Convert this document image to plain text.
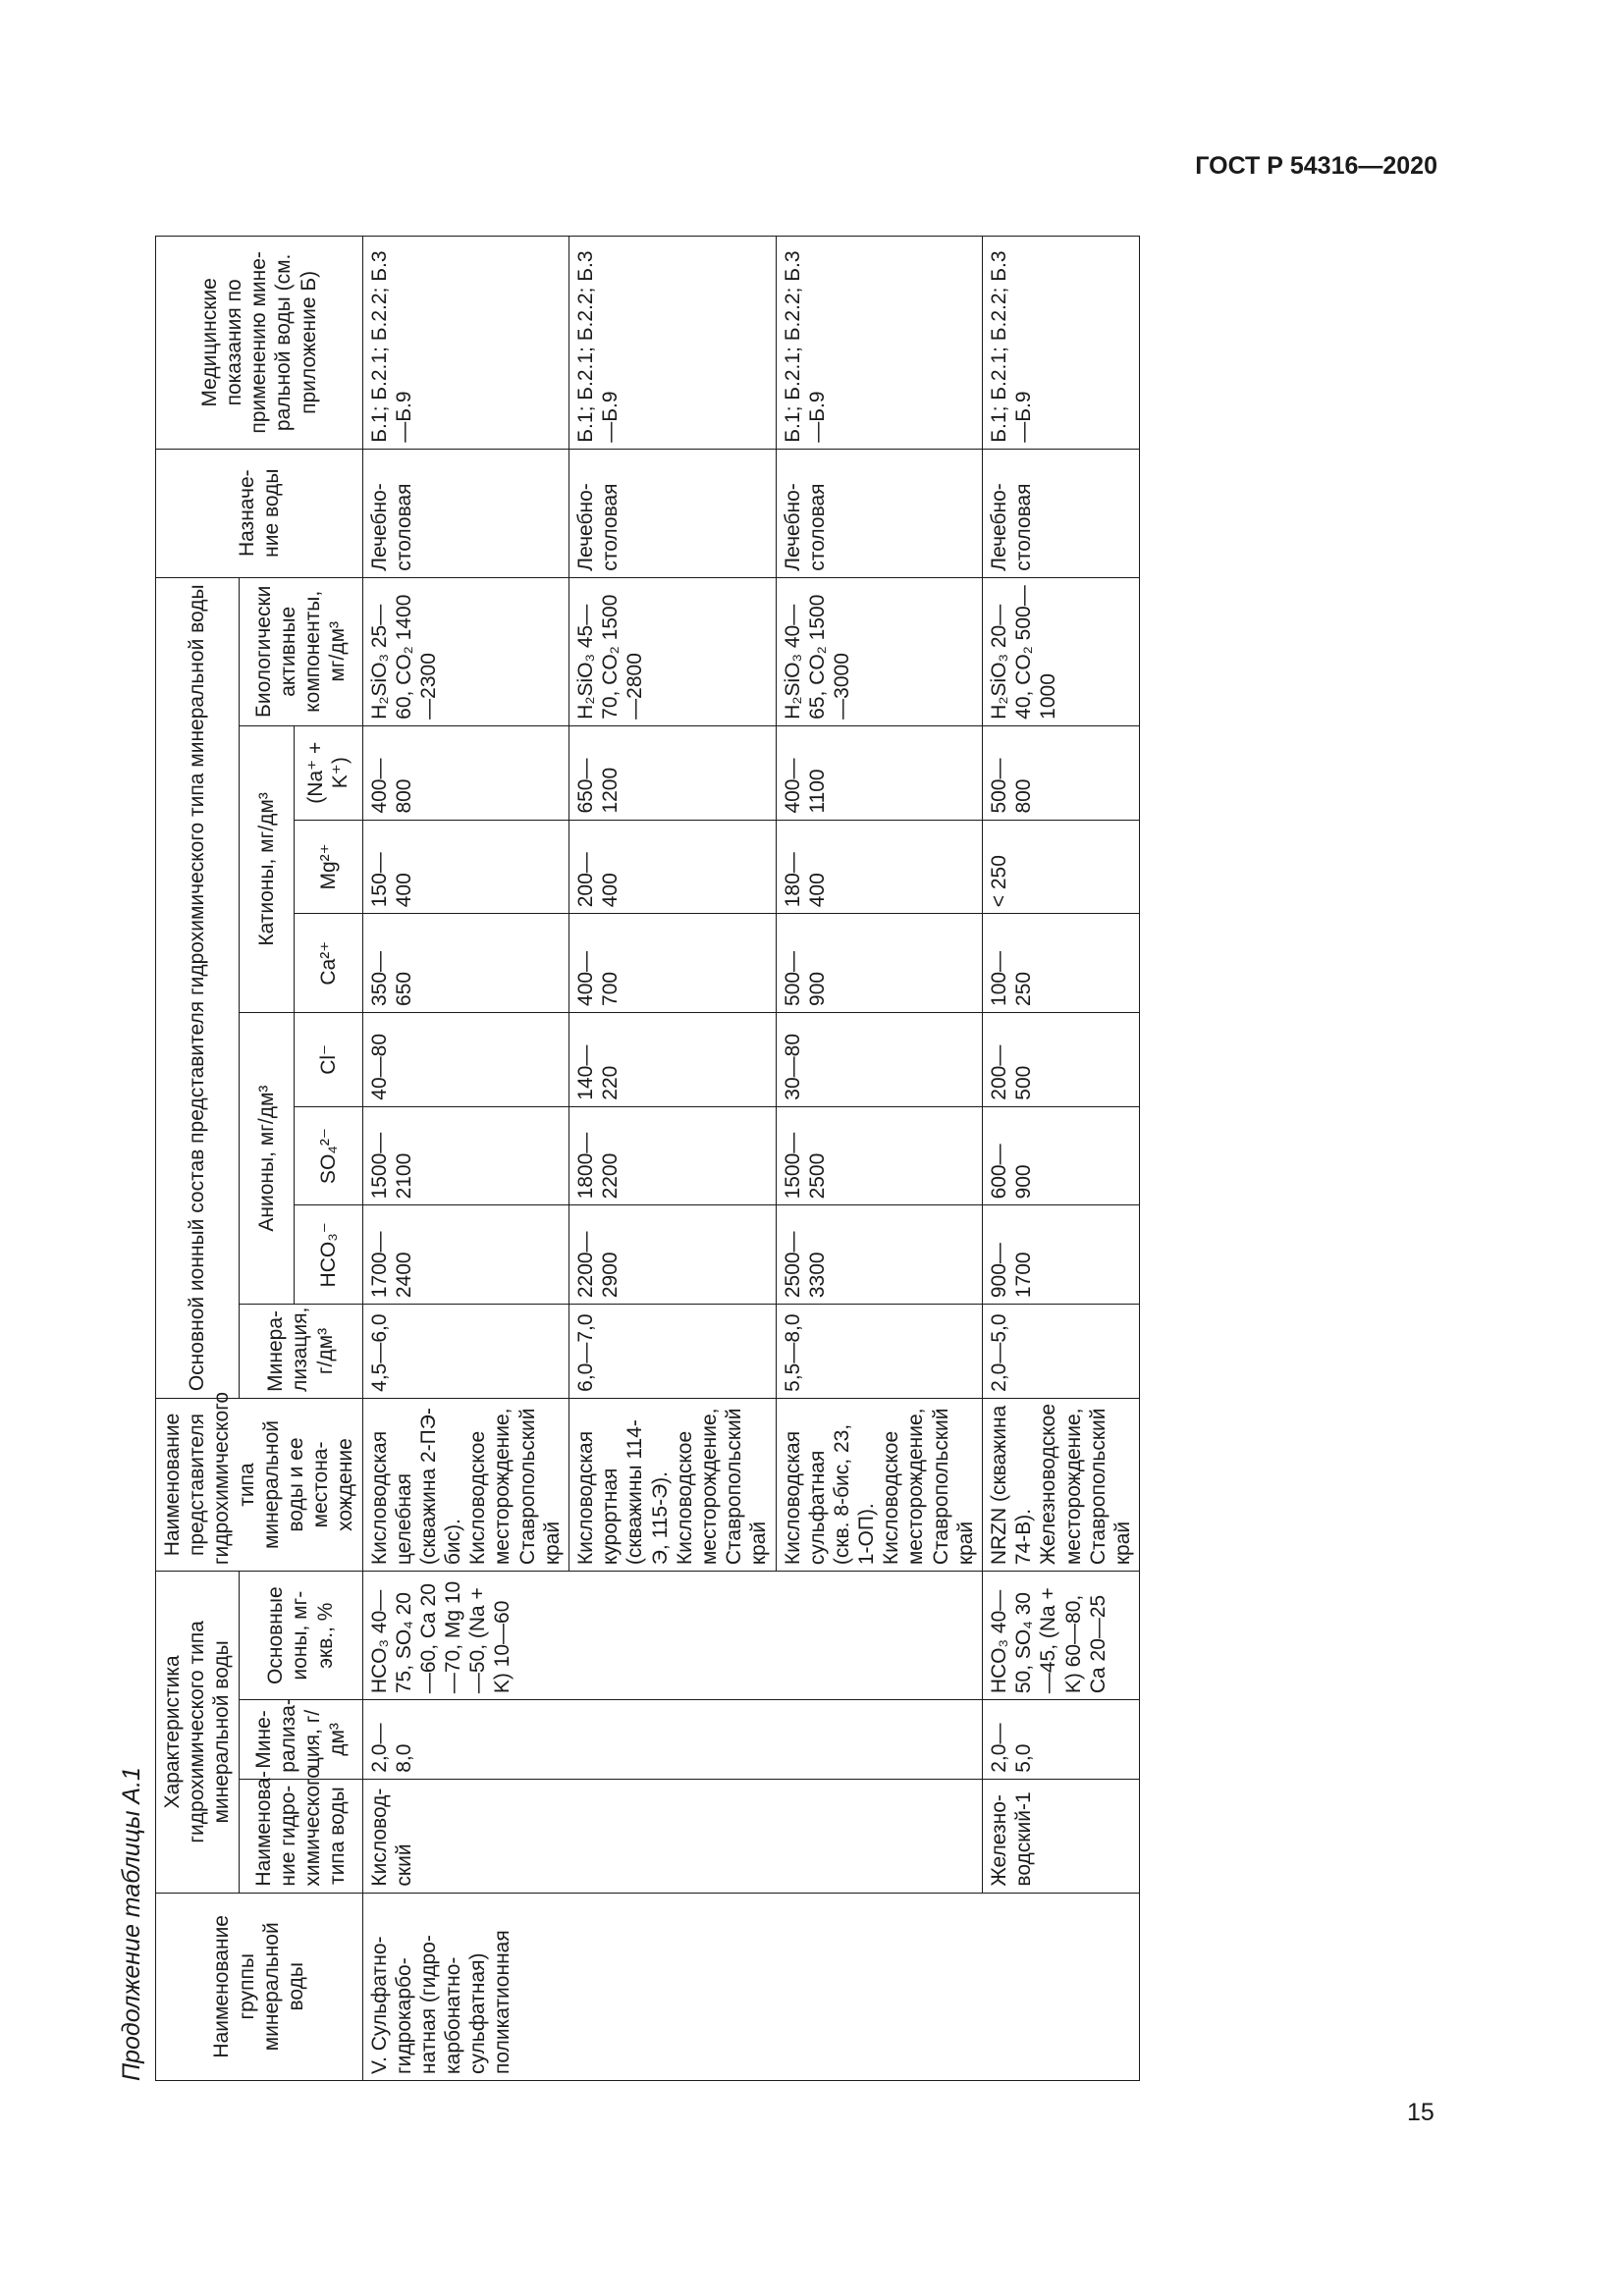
ГОСТ Р 54316—2020
15
Продолжение таблицы А.1	Наименование группы минеральной воды	Характеристика гидрохимического типа минеральной воды			Наименование представителя гидрохимического типа минеральной воды и ее местона-хождение	Основной ионный состав представителя гидрохимического типа минеральной воды								Назначе-ние воды	Медицинские показания по применению мине-ральной воды (см. приложение Б)
	Наименова-ние гидро-химического типа воды	Мине-рализа-ция, г/дм³	Основные ионы, мг-экв., %		Минера-лизация, г/дм³	Анионы, мг/дм³			Катионы, мг/дм³			Биологически активные компоненты, мг/дм³		
						HCO₃⁻	SO₄²⁻	Cl⁻	Ca²⁺	Mg²⁺	(Na⁺ + K⁺)			
V. Сульфатно-гидрокарбо-натная (гидро-карбонатно-сульфатная) поликатионная	Кисловод-ский	2,0—8,0	HCO₃ 40—75, SO₄ 20—60, Ca 20—70, Mg 10—50, (Na + K) 10—60	Кисловодская целебная (скважина 2-ПЭ-бис). Кисловодское месторождение, Ставропольский край	4,5—6,0	1700—2400	1500—2100	40—80	350—650	150—400	400—800	H₂SiO₃ 25—60, CO₂ 1400—2300	Лечебно-столовая	Б.1; Б.2.1; Б.2.2; Б.3—Б.9
				Кисловодская курортная (скважины 114-Э, 115-Э). Кисловодское месторождение, Ставропольский край	6,0—7,0	2200—2900	1800—2200	140—220	400—700	200—400	650—1200	H₂SiO₃ 45—70, CO₂ 1500—2800	Лечебно-столовая	Б.1; Б.2.1; Б.2.2; Б.3—Б.9
				Кисловодская сульфатная (скв. 8-бис, 23, 1-ОП). Кисловодское месторождение, Ставропольский край	5,5—8,0	2500—3300	1500—2500	30—80	500—900	180—400	400—1100	H₂SiO₃ 40—65, CO₂ 1500—3000	Лечебно-столовая	Б.1; Б.2.1; Б.2.2; Б.3—Б.9
	Железно-водский-1	2,0—5,0	HCO₃ 40—50, SO₄ 30—45, (Na + K) 60—80, Ca 20—25	NRZN (скважина 74-В). Железноводское месторождение, Ставропольский край	2,0—5,0	900—1700	600—900	200—500	100—250	< 250	500—800	H₂SiO₃ 20—40, CO₂ 500—1000	Лечебно-столовая	Б.1; Б.2.1; Б.2.2; Б.3—Б.9
